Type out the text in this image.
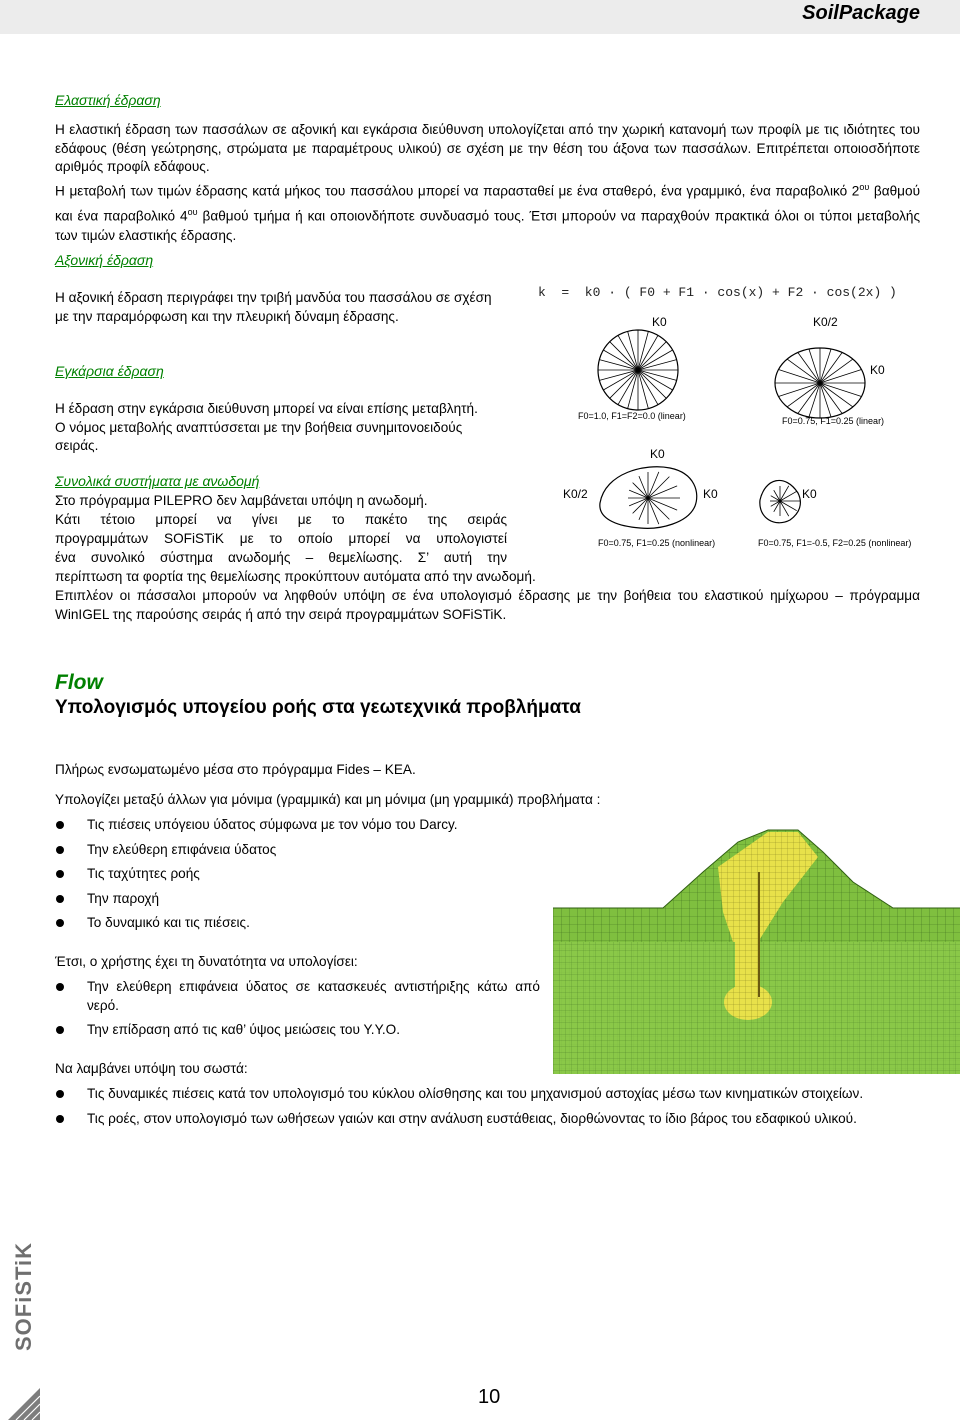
SoilPackage
Ελαστική έδραση
Η ελαστική έδραση των πασσάλων σε αξονική και εγκάρσια διεύθυνση υπολογίζεται από την χωρική κατανομή των προφίλ με τις ιδιότητες του εδάφους (θέση γεώτρησης, στρώματα με παραμέτρους υλικού) σε σχέση με την θέση του άξονα των πασσάλων. Επιτρέπεται οποιοσδήποτε αριθμός προφίλ εδάφους.
Η μεταβολή των τιμών έδρασης κατά μήκος του πασσάλου μπορεί να παρασταθεί με ένα σταθερό, ένα γραμμικό, ένα παραβολικό $2^{o\upsilon}$ βαθμού και ένα παραβολικό $4^{o\upsilon}$ βαθμού τμήμα ή και οποιονδήποτε συνδυασμό τους. Έτσι μπορούν να παραχθούν πρακτικά όλοι οι τύποι μεταβολής των τιμών ελαστικής έδρασης.
Αξονική έδραση
Η αξονική έδραση περιγράφει την τριβή μανδύα του πασσάλου σε σχέση με την παραμόρφωση και την πλευρική δύναμη έδρασης.
Εγκάρσια έδραση
Η έδραση στην εγκάρσια διεύθυνση μπορεί να είναι επίσης μεταβλητή. Ο νόμος μεταβολής αναπτύσσεται με την βοήθεια συνημιτονοειδούς σειράς.
Συνολικά συστήματα με ανωδομή
Στο πρόγραμμα PILEPRO δεν λαμβάνεται υπόψη η ανωδομή.
Κάτι τέτοιο μπορεί να γίνει με το πακέτο της σειράς
προγραμμάτων SOFiSTiK με το οποίο μπορεί να υπολογιστεί
ένα συνολικό σύστημα ανωδομής – θεμελίωσης. Σ’ αυτή την
περίπτωση τα φορτία της θεμελίωσης προκύπτουν αυτόματα από την ανωδομή.
Επιπλέον οι πάσσαλοι μπορούν να ληφθούν υπόψη σε ένα υπολογισμό έδρασης με την βοήθεια του ελαστικού ημίχωρου – πρόγραμμα WinIGEL της παρούσης σειράς ή από την σειρά προγραμμάτων SOFiSTiK.
k  =  k0 · ( F0 + F1 · cos(x) + F2 · cos(2x) )
K0
F0=1.0, F1=F2=0.0 (linear)
K0/2
K0
F0=0.75, F1=0.25 (linear)
K0
K0/2	K0
F0=0.75, F1=0.25 (nonlinear)
K0
F0=0.75, F1=-0.5, F2=0.25 (nonlinear)
Flow
Υπολογισμός υπογείου ροής στα γεωτεχνικά προβλήματα
Πλήρως ενσωματωμένο μέσα στο πρόγραμμα Fides – KEA.
Υπολογίζει μεταξύ άλλων για μόνιμα (γραμμικά) και μη μόνιμα (μη γραμμικά) προβλήματα :
Τις πιέσεις υπόγειου ύδατος σύμφωνα με τον νόμο του Darcy.
Την ελεύθερη επιφάνεια ύδατος
Τις ταχύτητες ροής
Την παροχή
Το δυναμικό και τις πιέσεις.
Έτσι, ο χρήστης έχει τη δυνατότητα να υπολογίσει:
Την ελεύθερη επιφάνεια ύδατος σε κατασκευές αντιστήριξης κάτω από νερό.
Την επίδραση από τις καθ’ ύψος μειώσεις του Υ.Υ.Ο.
Να λαμβάνει υπόψη του σωστά:
Τις δυναμικές πιέσεις κατά τον υπολογισμό του κύκλου ολίσθησης και του μηχανισμού αστοχίας μέσω των κινηματικών στοιχείων.
Τις ροές, στον υπολογισμό των ωθήσεων γαιών και στην ανάλυση ευστάθειας, διορθώνοντας το ίδιο βάρος του εδαφικού υλικού.
SOFiSTiK
10
